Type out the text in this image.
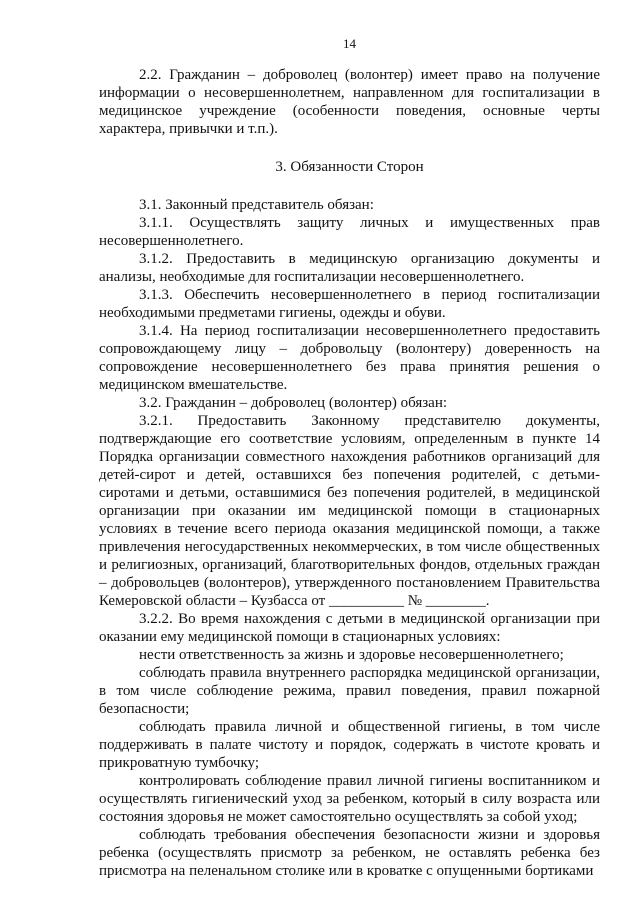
14

2.2. Гражданин – доброволец (волонтер) имеет право на получение информации о несовершеннолетнем, направленном для госпитализации в медицинское учреждение (особенности поведения, основные черты характера, привычки и т.п.).

3. Обязанности Сторон

3.1. Законный представитель обязан:

3.1.1. Осуществлять защиту личных и имущественных прав несовершеннолетнего.

3.1.2. Предоставить в медицинскую организацию документы и анализы, необходимые для госпитализации несовершеннолетнего.

3.1.3. Обеспечить несовершеннолетнего в период госпитализации необходимыми предметами гигиены, одежды и обуви.

3.1.4. На период госпитализации несовершеннолетнего предоставить сопровождающему лицу – добровольцу (волонтеру) доверенность на сопровождение несовершеннолетнего без права принятия решения о медицинском вмешательстве.

3.2. Гражданин – доброволец (волонтер) обязан:

3.2.1. Предоставить Законному представителю документы, подтверждающие его соответствие условиям, определенным в пункте 14 Порядка организации совместного нахождения работников организаций для детей-сирот и детей, оставшихся без попечения родителей, с детьми-сиротами и детьми, оставшимися без попечения родителей, в медицинской организации при оказании им медицинской помощи в стационарных условиях в течение всего периода оказания медицинской помощи, а также привлечения негосударственных некоммерческих, в том числе общественных и религиозных, организаций, благотворительных фондов, отдельных граждан – добровольцев (волонтеров), утвержденного постановлением Правительства Кемеровской области – Кузбасса от __________ № ________.

3.2.2. Во время нахождения с детьми в медицинской организации при оказании ему медицинской помощи в стационарных условиях:

нести ответственность за жизнь и здоровье несовершеннолетнего;

соблюдать правила внутреннего распорядка медицинской организации, в том числе соблюдение режима, правил поведения, правил пожарной безопасности;

соблюдать правила личной и общественной гигиены, в том числе поддерживать в палате чистоту и порядок, содержать в чистоте кровать и прикроватную тумбочку;

контролировать соблюдение правил личной гигиены воспитанником и осуществлять гигиенический уход за ребенком, который в силу возраста или состояния здоровья не может самостоятельно осуществлять за собой уход;

соблюдать требования обеспечения безопасности жизни и здоровья ребенка (осуществлять присмотр за ребенком, не оставлять ребенка без присмотра на пеленальном столике или в кроватке с опущенными бортиками
